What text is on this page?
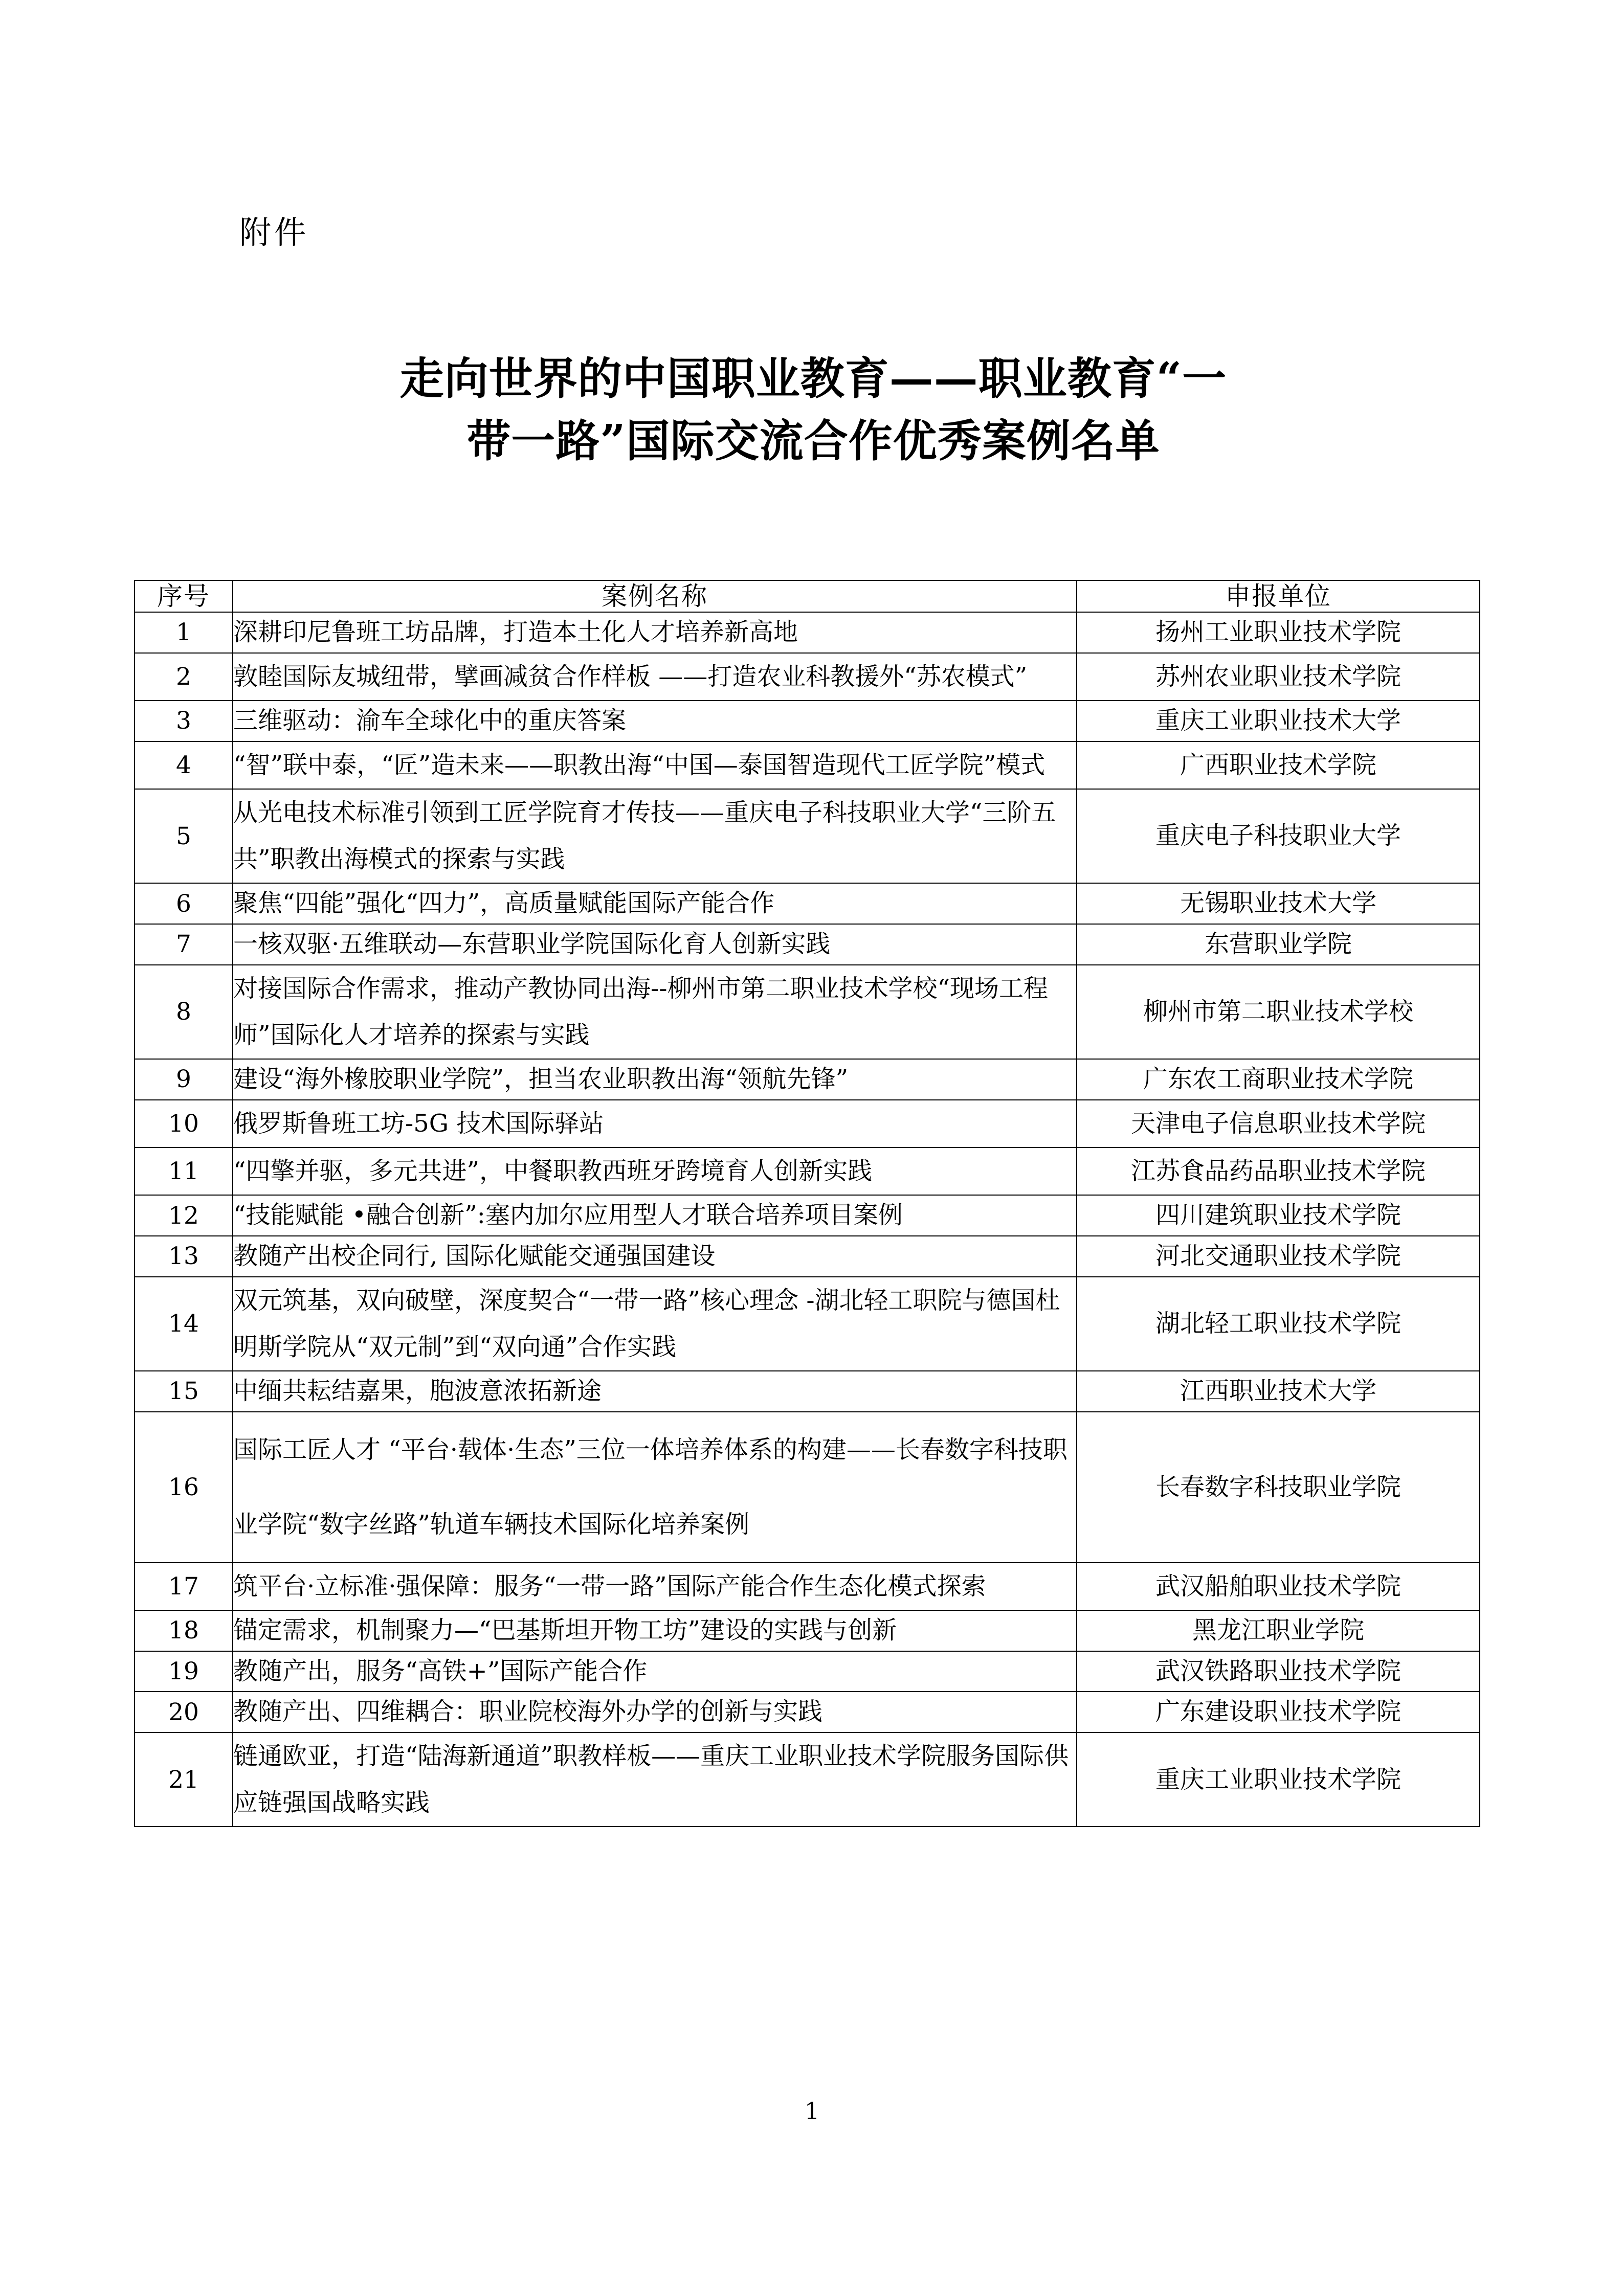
附件
走向世界的中国职业教育——职业教育“一
带一路”国际交流合作优秀案例名单
序号	案例名称	申报单位
1	深耕印尼鲁班工坊品牌，打造本土化人才培养新高地	扬州工业职业技术学院
2	敦睦国际友城纽带，擘画减贫合作样板 ——打造农业科教援外“苏农模式”	苏州农业职业技术学院
3	三维驱动：渝车全球化中的重庆答案	重庆工业职业技术大学
4	“智”联中泰，“匠”造未来——职教出海“中国—泰国智造现代工匠学院”模式	广西职业技术学院
5	从光电技术标准引领到工匠学院育才传技——重庆电子科技职业大学“三阶五共”职教出海模式的探索与实践	重庆电子科技职业大学
6	聚焦“四能”强化“四力”，高质量赋能国际产能合作	无锡职业技术大学
7	一核双驱·五维联动—东营职业学院国际化育人创新实践	东营职业学院
8	对接国际合作需求，推动产教协同出海--柳州市第二职业技术学校“现场工程师”国际化人才培养的探索与实践	柳州市第二职业技术学校
9	建设“海外橡胶职业学院”，担当农业职教出海“领航先锋”	广东农工商职业技术学院
10	俄罗斯鲁班工坊-5G 技术国际驿站	天津电子信息职业技术学院
11	“四擎并驱，多元共进”，中餐职教西班牙跨境育人创新实践	江苏食品药品职业技术学院
12	“技能赋能 •融合创新”:塞内加尔应用型人才联合培养项目案例	四川建筑职业技术学院
13	教随产出校企同行, 国际化赋能交通强国建设	河北交通职业技术学院
14	双元筑基，双向破壁，深度契合“一带一路”核心理念 -湖北轻工职院与德国杜明斯学院从“双元制”到“双向通”合作实践	湖北轻工职业技术学院
15	中缅共耘结嘉果，胞波意浓拓新途	江西职业技术大学
16	国际工匠人才 “平台·载体·生态”三位一体培养体系的构建——长春数字科技职业学院“数字丝路”轨道车辆技术国际化培养案例	长春数字科技职业学院
17	筑平台·立标准·强保障：服务“一带一路”国际产能合作生态化模式探索	武汉船舶职业技术学院
18	锚定需求，机制聚力—“巴基斯坦开物工坊”建设的实践与创新	黑龙江职业学院
19	教随产出，服务“高铁+”国际产能合作	武汉铁路职业技术学院
20	教随产出、四维耦合：职业院校海外办学的创新与实践	广东建设职业技术学院
21	链通欧亚，打造“陆海新通道”职教样板——重庆工业职业技术学院服务国际供应链强国战略实践	重庆工业职业技术学院
1
